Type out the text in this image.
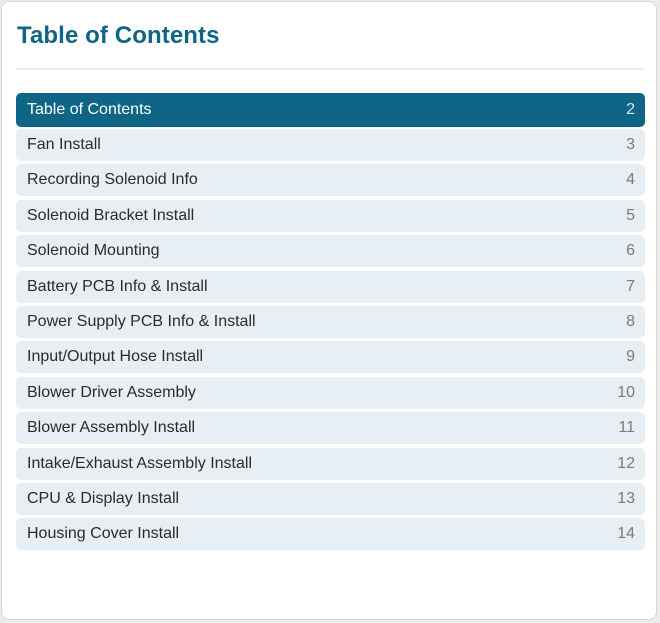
Table of Contents
Table of Contents	2
Fan Install	3
Recording Solenoid Info	4
Solenoid Bracket Install	5
Solenoid Mounting	6
Battery PCB Info & Install	7
Power Supply PCB Info & Install	8
Input/Output Hose Install	9
Blower Driver Assembly	10
Blower Assembly Install	11
Intake/Exhaust Assembly Install	12
CPU & Display Install	13
Housing Cover Install	14
